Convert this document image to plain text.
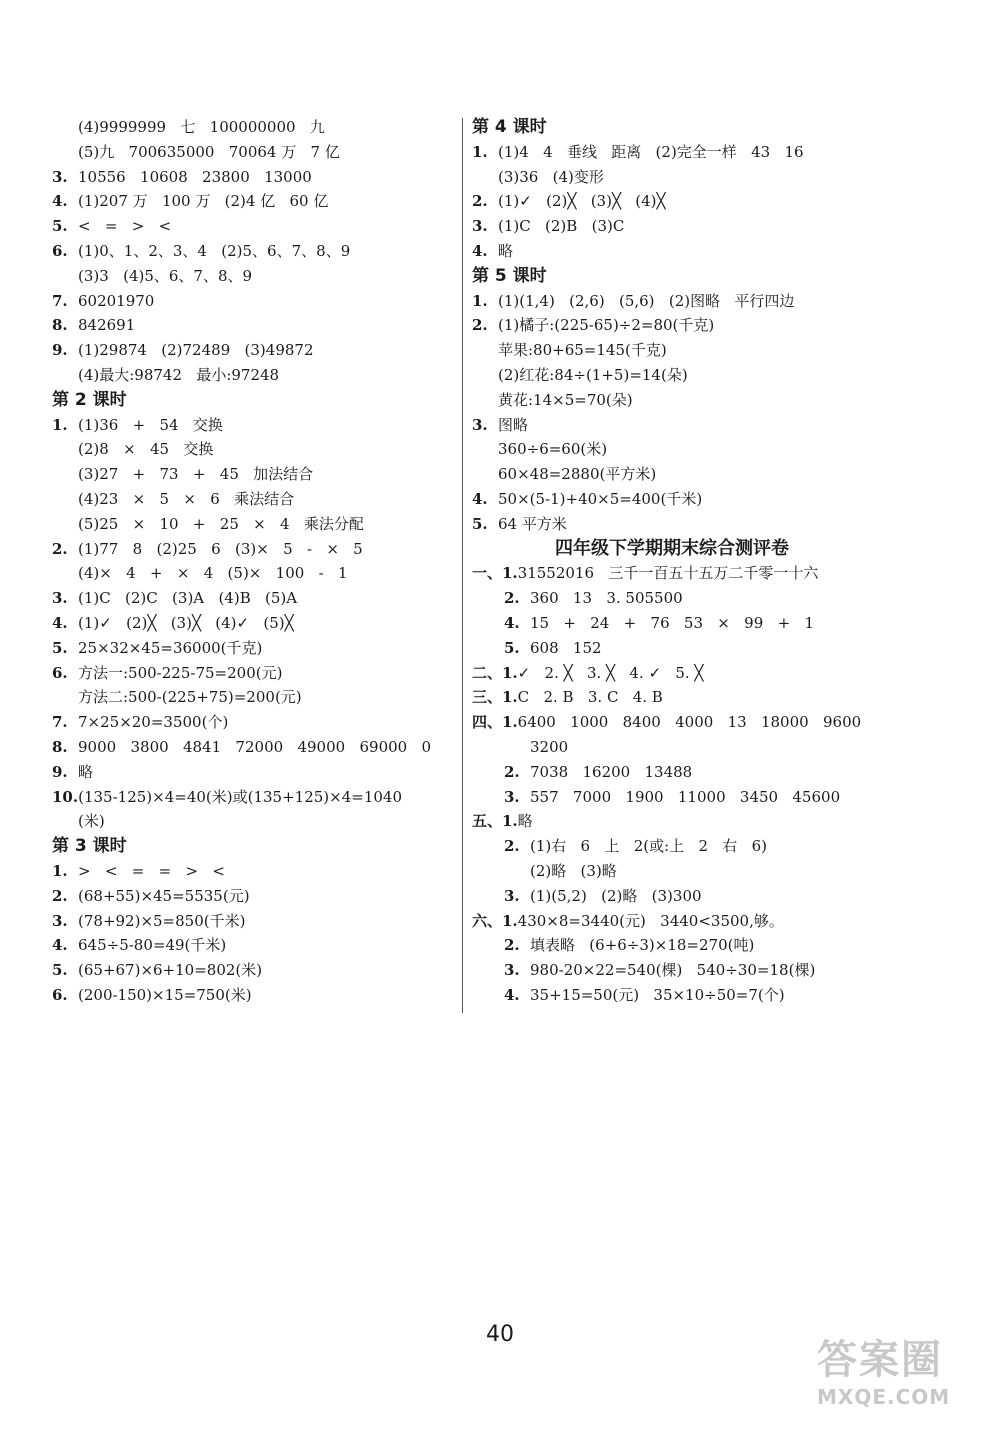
(4)9999999   七   100000000   九
(5)九   700635000   70064 万   7 亿
3. 10556   10608   23800   13000
4. (1)207 万   100 万   (2)4 亿   60 亿
5. <   =   >   <
6. (1)0、1、2、3、4   (2)5、6、7、8、9
(3)3   (4)5、6、7、8、9
7. 60201970
8. 842691
9. (1)29874   (2)72489   (3)49872
(4)最大:98742   最小:97248
第 2 课时
1. (1)36   +   54   交换
(2)8   ×   45   交换
(3)27   +   73   +   45   加法结合
(4)23   ×   5   ×   6   乘法结合
(5)25   ×   10   +   25   ×   4   乘法分配
2. (1)77   8   (2)25   6   (3)×   5   -   ×   5
(4)×   4   +   ×   4   (5)×   100   -   1
3. (1)C   (2)C   (3)A   (4)B   (5)A
4. (1)✓   (2)╳   (3)╳   (4)✓   (5)╳
5. 25×32×45=36000(千克)
6. 方法一:500-225-75=200(元)
方法二:500-(225+75)=200(元)
7. 7×25×20=3500(个)
8. 9000   3800   4841   72000   49000   69000   0
9. 略
10.(135-125)×4=40(米)或(135+125)×4=1040
(米)
第 3 课时
1. >   <   =   =   >   <
2. (68+55)×45=5535(元)
3. (78+92)×5=850(千米)
4. 645÷5-80=49(千米)
5. (65+67)×6+10=802(米)
6. (200-150)×15=750(米)
第 4 课时
1. (1)4   4   垂线   距离   (2)完全一样   43   16
(3)36   (4)变形
2. (1)✓   (2)╳   (3)╳   (4)╳
3. (1)C   (2)B   (3)C
4. 略
第 5 课时
1. (1)(1,4)   (2,6)   (5,6)   (2)图略   平行四边
2. (1)橘子:(225-65)÷2=80(千克)
苹果:80+65=145(千克)
(2)红花:84÷(1+5)=14(朵)
黄花:14×5=70(朵)
3. 图略
360÷6=60(米)
60×48=2880(平方米)
4. 50×(5-1)+40×5=400(千米)
5. 64 平方米
四年级下学期期末综合测评卷
一、1.31552016   三千一百五十五万二千零一十六
2. 360   13   3. 505500
4. 15   +   24   +   76   53   ×   99   +   1
5. 608   152
二、1.✓   2. ╳   3. ╳   4. ✓   5. ╳
三、1.C   2. B   3. C   4. B
四、1.6400   1000   8400   4000   13   18000   9600
3200
2. 7038   16200   13488
3. 557   7000   1900   11000   3450   45600
五、1.略
2. (1)右   6   上   2(或:上   2   右   6)
(2)略   (3)略
3. (1)(5,2)   (2)略   (3)300
六、1.430×8=3440(元)   3440<3500,够。
2. 填表略   (6+6÷3)×18=270(吨)
3. 980-20×22=540(棵)   540÷30=18(棵)
4. 35+15=50(元)   35×10÷50=7(个)
40
答案圈
MXQE.COM
